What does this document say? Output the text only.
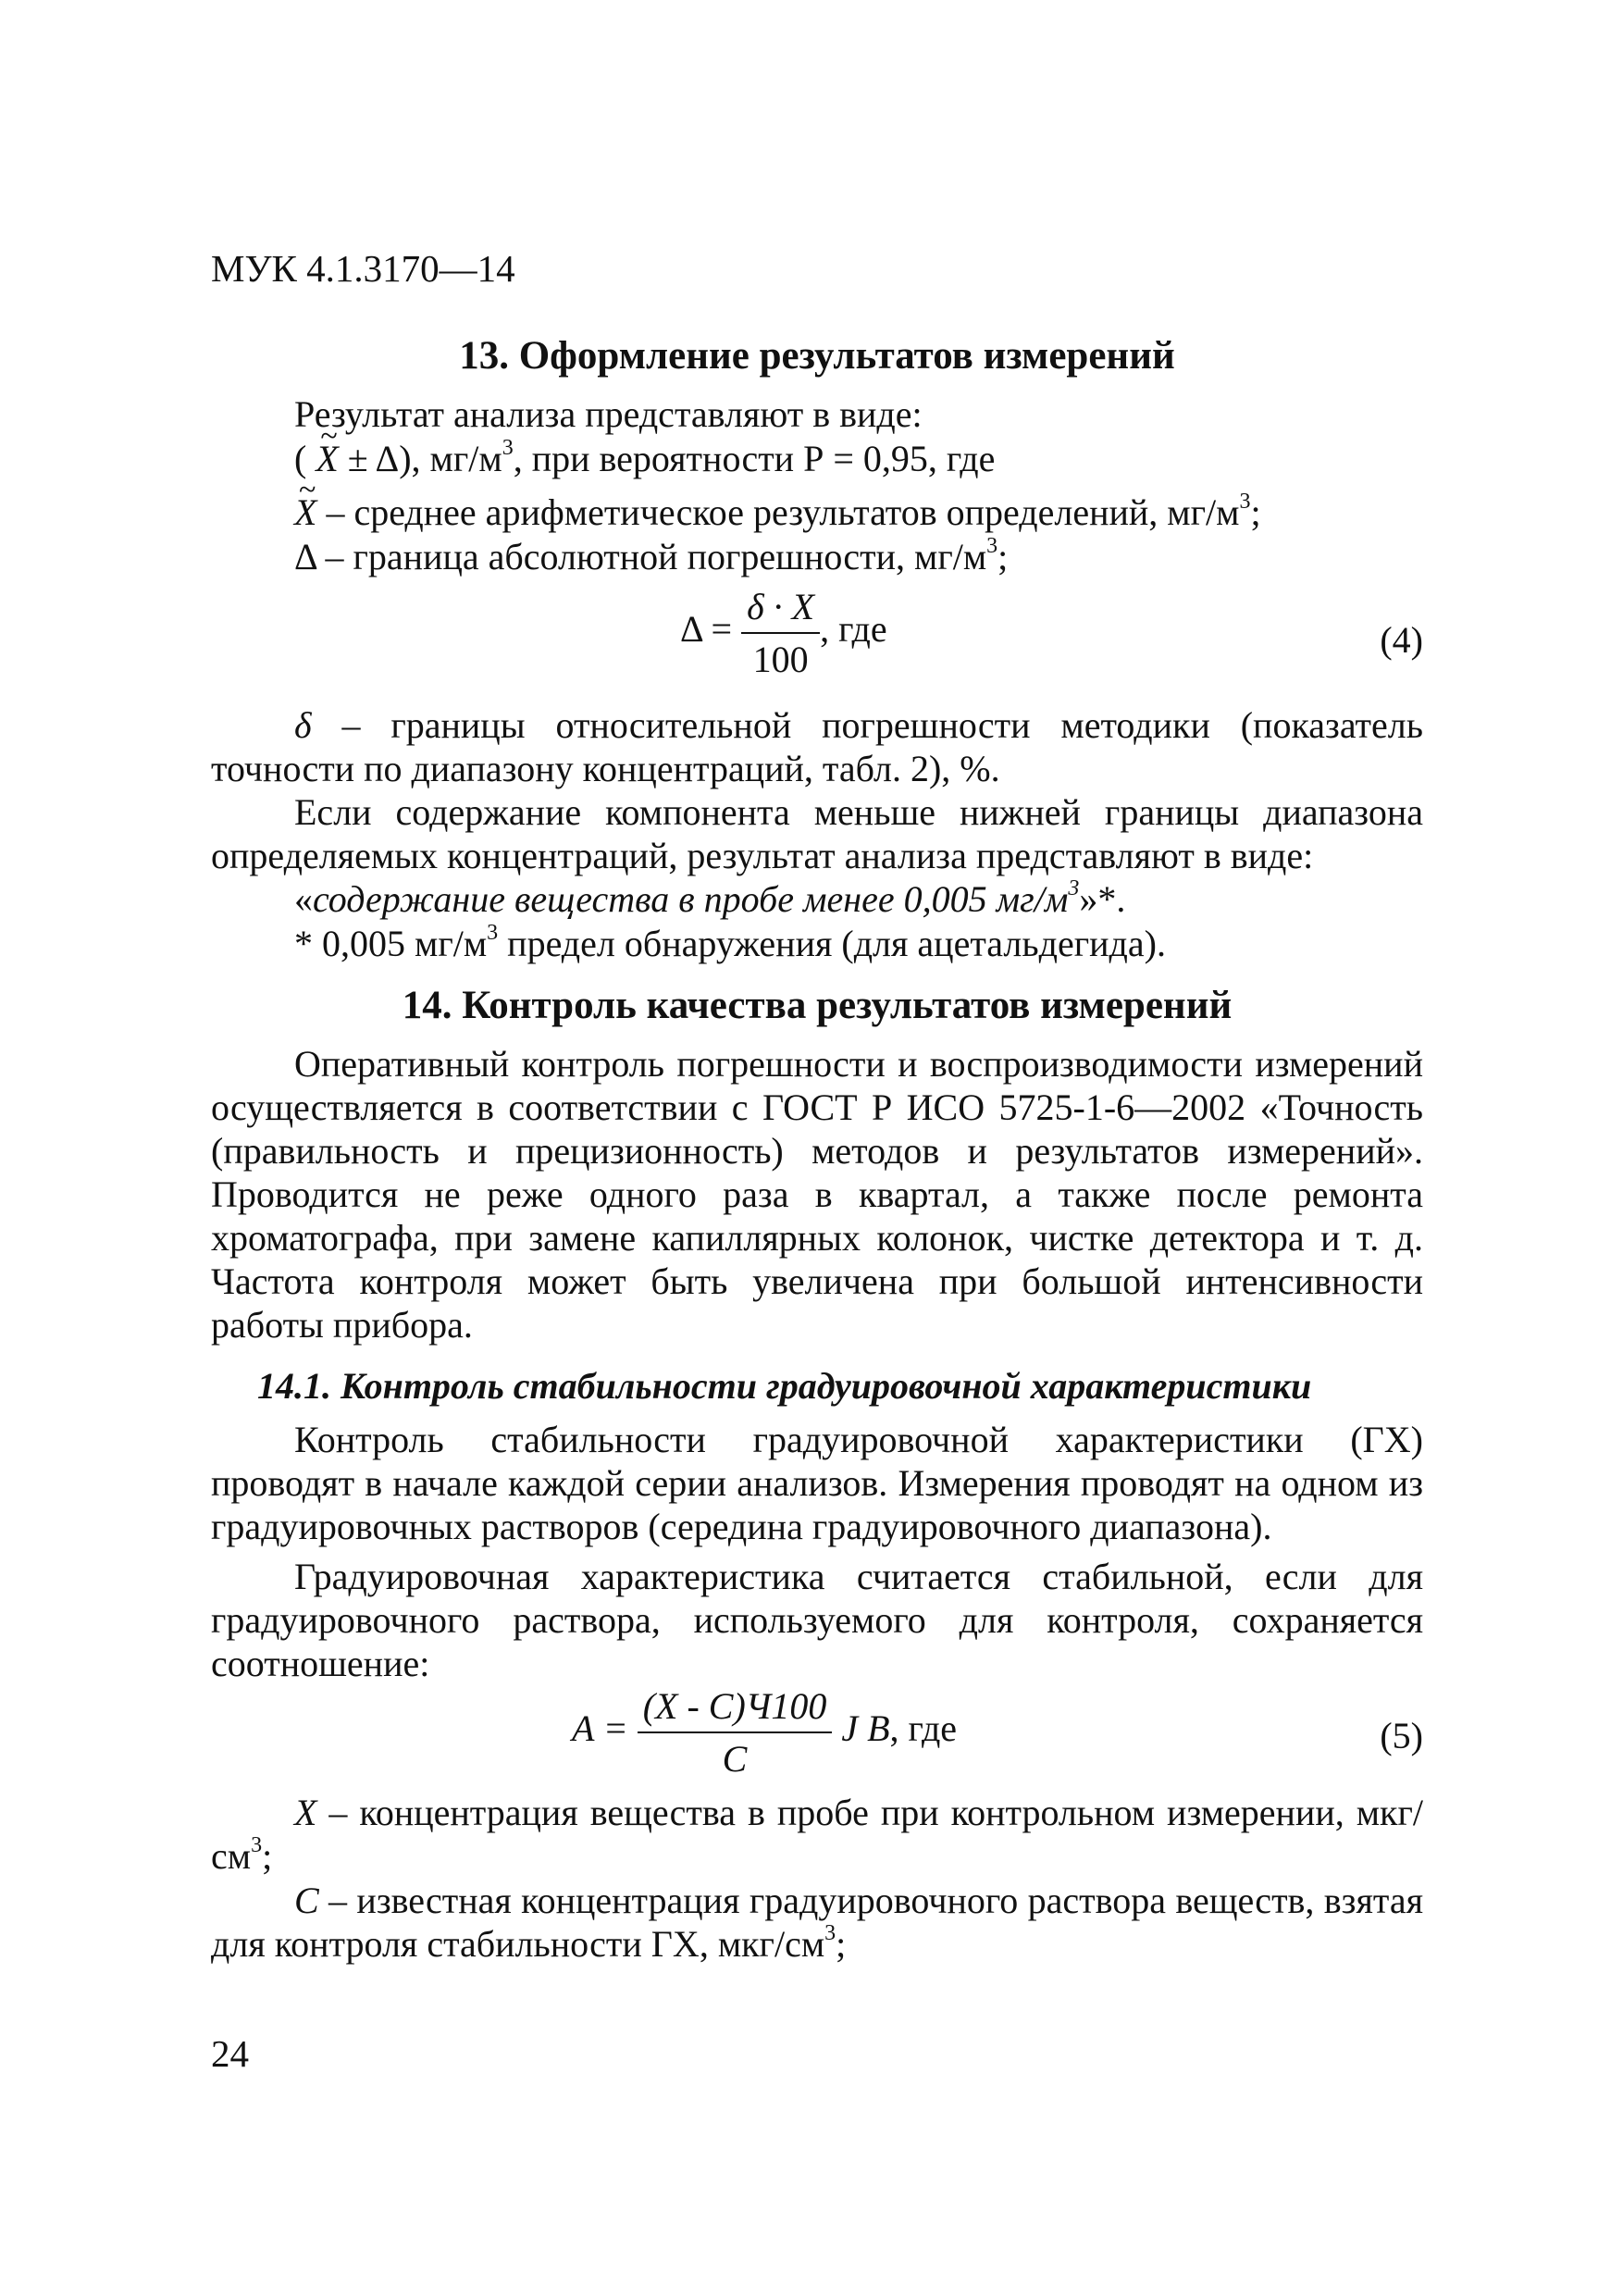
МУК 4.1.3170—14
13. Оформление результатов измерений
Результат анализа представляют в виде:
( ~ Х ± Δ), $мг/м^3$, при вероятности Р = 0,95, где
~ Х – среднее арифметическое результатов определений, $мг/м^3$;
Δ – граница абсолютной погрешности, $мг/м^3$;
$\Delta = \frac{\delta \cdot Х}{100}$ , где	(4)

δ – границы относительной погрешности методики (показатель точности по диапазону концентраций, табл. 2), %.

Если содержание компонента меньше нижней границы диапазона определяемых концентраций, результат анализа представляют в виде:

«содержание вещества в пробе менее 0,005 $мг/м^3»*$.
* 0,005 $мг/м^3$ предел обнаружения (для ацетальдегида).
14. Контроль качества результатов измерений

Оперативный контроль погрешности и воспроизводимости измерений осуществляется в соответствии с ГОСТ Р ИСО 5725-1-6—2002 «Точность (правильность и прецизионность) методов и результатов измерений». Проводится не реже одного раза в квартал, а также после ремонта хроматографа, при замене капиллярных колонок, чистке детектора и т. д. Частота контроля может быть увеличена при большой интенсивности работы прибора.

14.1. Контроль стабильности градуировочной характеристики

Контроль стабильности градуировочной характеристики (ГХ) проводят в начале каждой серии анализов. Измерения проводят на одном из градуировочных растворов (середина градуировочного диапазона).

Градуировочная характеристика считается стабильной, если для градуировочного раствора, используемого для контроля, сохраняется соотношение:

$A = \frac{(Х - С)Ч100}{С}$ J В, где	(5)

Х – концентрация вещества в пробе при контрольном измерении, мкг/$см^3$;

С – известная концентрация градуировочного раствора веществ, взятая для контроля стабильности ГХ, мкг/$см^3$;

24
